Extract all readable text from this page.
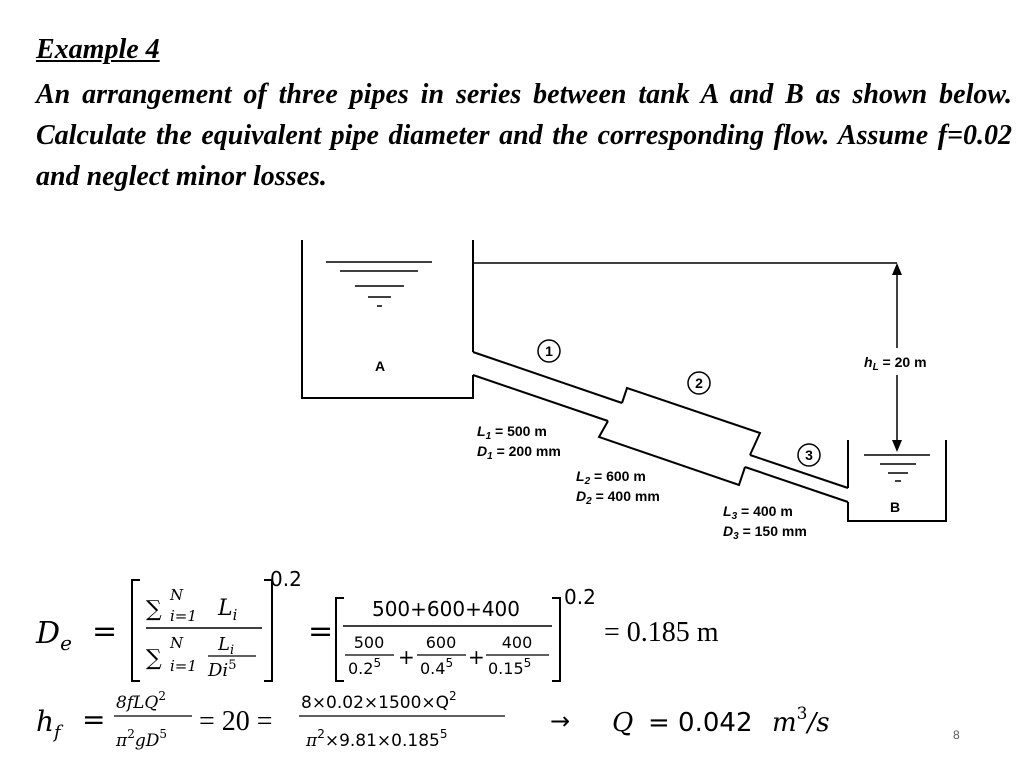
Example 4

An arrangement of three pipes in series between tank A and B as shown below. Calculate the equivalent pipe diameter and the corresponding flow. Assume f=0.02 and neglect minor losses.

A
B
1
2
3
$h_L = 20$ m
$L_1 = 500$ m
$D_1 = 200$ mm
$L_2 = 600$ m
$D_2 = 400$ mm
$L_3 = 400$ m
$D_3 = 150$ mm
$D_e$ =
∑
N
i=1 $L_i$
∑
N
i=1
$L_i$
Di$^5$
0.2
=
500+600+400
500
$0.2^5$ +
600
$0.4^5$ +
400
0.15$^5$
0.2
= 0.185 m
$h_f = 8fLQ^2$
$\pi^2gD^5 = 20$ =
$8\times 0.02\times 1500\times Q^2$
$\pi^2\times 9.81\times 0.185^5$	→ Q = 0.042 $m^3/s$	8
